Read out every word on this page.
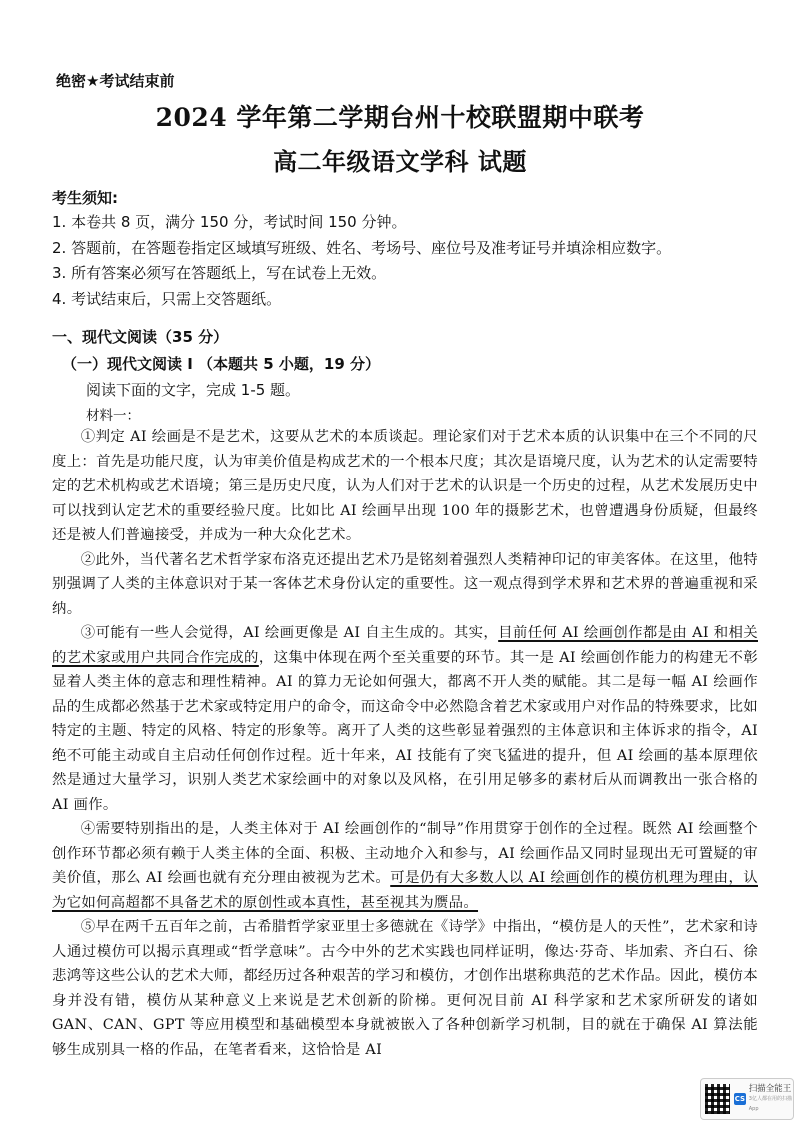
绝密★考试结束前
2024 学年第二学期台州十校联盟期中联考
高二年级语文学科 试题
考生须知:
1. 本卷共 8 页，满分 150 分，考试时间 150 分钟。
2. 答题前，在答题卷指定区域填写班级、姓名、考场号、座位号及准考证号并填涂相应数字。
3. 所有答案必须写在答题纸上，写在试卷上无效。
4. 考试结束后，只需上交答题纸。
一、现代文阅读（35 分）
（一）现代文阅读 I （本题共 5 小题，19 分）
阅读下面的文字，完成 1-5 题。
材料一：

①判定 AI 绘画是不是艺术，这要从艺术的本质谈起。理论家们对于艺术本质的认识集中在三个不同的尺度上：首先是功能尺度，认为审美价值是构成艺术的一个根本尺度；其次是语境尺度，认为艺术的认定需要特定的艺术机构或艺术语境；第三是历史尺度，认为人们对于艺术的认识是一个历史的过程，从艺术发展历史中可以找到认定艺术的重要经验尺度。比如比 AI 绘画早出现 100 年的摄影艺术，也曾遭遇身份质疑，但最终还是被人们普遍接受，并成为一种大众化艺术。

②此外，当代著名艺术哲学家布洛克还提出艺术乃是铭刻着强烈人类精神印记的审美客体。在这里，他特别强调了人类的主体意识对于某一客体艺术身份认定的重要性。这一观点得到学术界和艺术界的普遍重视和采纳。

③可能有一些人会觉得，AI 绘画更像是 AI 自主生成的。其实，目前任何 AI 绘画创作都是由 AI 和相关的艺术家或用户共同合作完成的，这集中体现在两个至关重要的环节。其一是 AI 绘画创作能力的构建无不彰显着人类主体的意志和理性精神。AI 的算力无论如何强大，都离不开人类的赋能。其二是每一幅 AI 绘画作品的生成都必然基于艺术家或特定用户的命令，而这命令中必然隐含着艺术家或用户对作品的特殊要求，比如特定的主题、特定的风格、特定的形象等。离开了人类的这些彰显着强烈的主体意识和主体诉求的指令，AI 绝不可能主动或自主启动任何创作过程。近十年来，AI 技能有了突飞猛进的提升，但 AI 绘画的基本原理依然是通过大量学习，识别人类艺术家绘画中的对象以及风格，在引用足够多的素材后从而调教出一张合格的 AI 画作。

④需要特别指出的是，人类主体对于 AI 绘画创作的“制导”作用贯穿于创作的全过程。既然 AI 绘画整个创作环节都必须有赖于人类主体的全面、积极、主动地介入和参与，AI 绘画作品又同时显现出无可置疑的审美价值，那么 AI 绘画也就有充分理由被视为艺术。可是仍有大多数人以 AI 绘画创作的模仿机理为理由，认为它如何高超都不具备艺术的原创性或本真性，甚至视其为赝品。

⑤早在两千五百年之前，古希腊哲学家亚里士多德就在《诗学》中指出，“模仿是人的天性”，艺术家和诗人通过模仿可以揭示真理或“哲学意味”。古今中外的艺术实践也同样证明，像达·芬奇、毕加索、齐白石、徐悲鸿等这些公认的艺术大师，都经历过各种艰苦的学习和模仿，才创作出堪称典范的艺术作品。因此，模仿本身并没有错，模仿从某种意义上来说是艺术创新的阶梯。更何况目前 AI 科学家和艺术家所研发的诸如 GAN、CAN、GPT 等应用模型和基础模型本身就被嵌入了各种创新学习机制，目的就在于确保 AI 算法能够生成别具一格的作品，在笔者看来，这恰恰是 AI

CS
扫描全能王
3亿人都在用的扫描App
